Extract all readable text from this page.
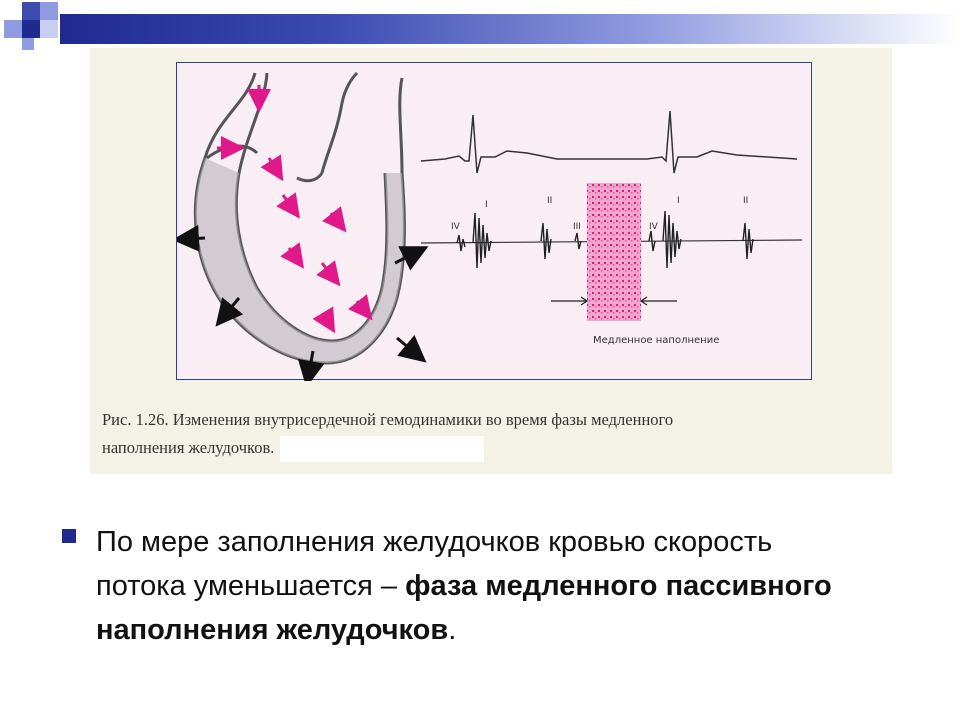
IV
I	II
III	IV
I	II
Медленное наполнение
Рис. 1.26. Изменения внутрисердечной гемодинамики во время фазы медленного
наполнения желудочков.
По мере заполнения желудочков кровью скорость потока уменьшается – фаза медленного пассивного наполнения желудочков.
